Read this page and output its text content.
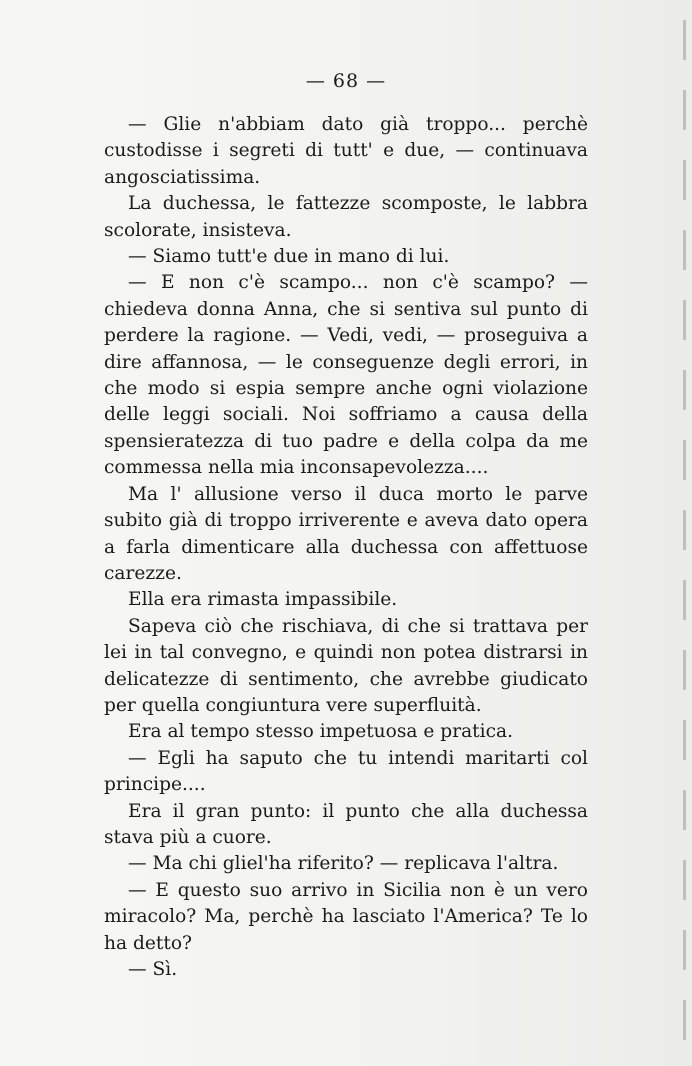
— 68 —

— Glie n'abbiam dato già troppo... perchè custodisse i segreti di tutt' e due, — continuava angosciatissima.

La duchessa, le fattezze scomposte, le labbra scolorate, insisteva.

— Siamo tutt'e due in mano di lui.

— E non c'è scampo... non c'è scampo? — chiedeva donna Anna, che si sentiva sul punto di perdere la ragione. — Vedi, vedi, — proseguiva a dire affannosa, — le conseguenze degli errori, in che modo si espia sempre anche ogni violazione delle leggi sociali. Noi soffriamo a causa della spensieratezza di tuo padre e della colpa da me commessa nella mia inconsapevolezza....

Ma l' allusione verso il duca morto le parve subito già di troppo irriverente e aveva dato opera a farla dimenticare alla duchessa con affettuose carezze.

Ella era rimasta impassibile.

Sapeva ciò che rischiava, di che si trattava per lei in tal convegno, e quindi non potea distrarsi in delicatezze di sentimento, che avrebbe giudicato per quella congiuntura vere superfluità.

Era al tempo stesso impetuosa e pratica.

— Egli ha saputo che tu intendi maritarti col principe....

Era il gran punto: il punto che alla duchessa stava più a cuore.

— Ma chi gliel'ha riferito? — replicava l'altra.

— E questo suo arrivo in Sicilia non è un vero miracolo? Ma, perchè ha lasciato l'America? Te lo ha detto?

— Sì.
